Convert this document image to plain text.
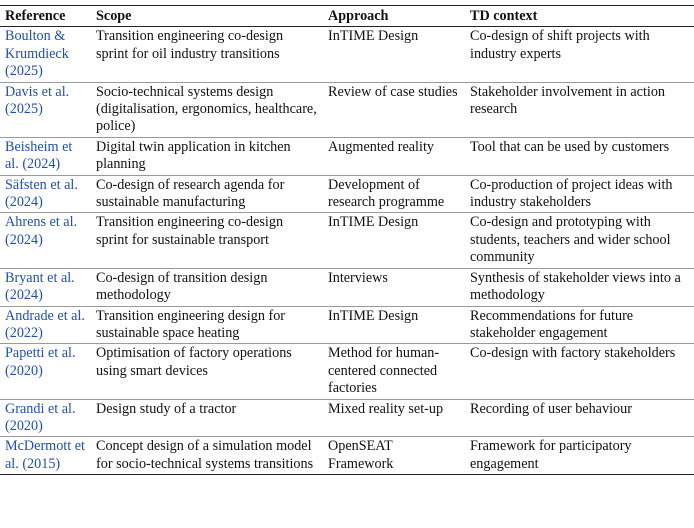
Reference	Scope	Approach	TD context
Boulton & Krumdieck (2025)	Transition engineering co-design sprint for oil industry transitions	InTIME Design	Co-design of shift projects with industry experts
Davis et al. (2025)	Socio-technical systems design (digitalisation, ergonomics, healthcare, police)	Review of case studies	Stakeholder involvement in action research
Beisheim et al. (2024)	Digital twin application in kitchen planning	Augmented reality	Tool that can be used by customers
Säfsten et al. (2024)	Co-design of research agenda for sustainable manufacturing	Development of research programme	Co-production of project ideas with industry stakeholders
Ahrens et al. (2024)	Transition engineering co-design sprint for sustainable transport	InTIME Design	Co-design and prototyping with students, teachers and wider school community
Bryant et al. (2024)	Co-design of transition design methodology	Interviews	Synthesis of stakeholder views into a methodology
Andrade et al. (2022)	Transition engineering design for sustainable space heating	InTIME Design	Recommendations for future stakeholder engagement
Papetti et al. (2020)	Optimisation of factory operations using smart devices	Method for human-centered connected factories	Co-design with factory stakeholders
Grandi et al. (2020)	Design study of a tractor	Mixed reality set-up	Recording of user behaviour
McDermott et al. (2015)	Concept design of a simulation model for socio-technical systems transitions	OpenSEAT Framework	Framework for participatory engagement
